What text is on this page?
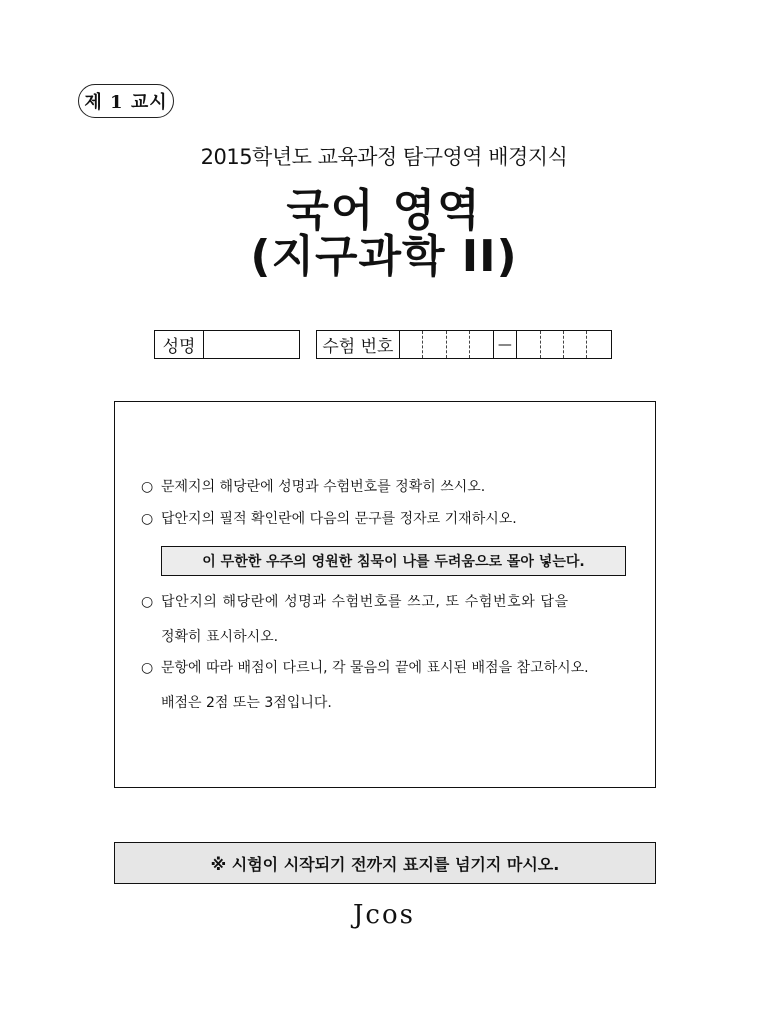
제 1 교시
2015학년도 교육과정 탐구영역 배경지식
국어 영역
(지구과학 II)
성명	수험 번호	—
○ 문제지의 해당란에 성명과 수험번호를 정확히 쓰시오.
○ 답안지의 필적 확인란에 다음의 문구를 정자로 기재하시오.
이 무한한 우주의 영원한 침묵이 나를 두려움으로 몰아 넣는다.
○ 답안지의 해당란에 성명과 수험번호를 쓰고, 또 수험번호와 답을
정확히 표시하시오.
○ 문항에 따라 배점이 다르니, 각 물음의 끝에 표시된 배점을 참고하시오.
배점은 2점 또는 3점입니다.
※ 시험이 시작되기 전까지 표지를 넘기지 마시오.
Jcos
